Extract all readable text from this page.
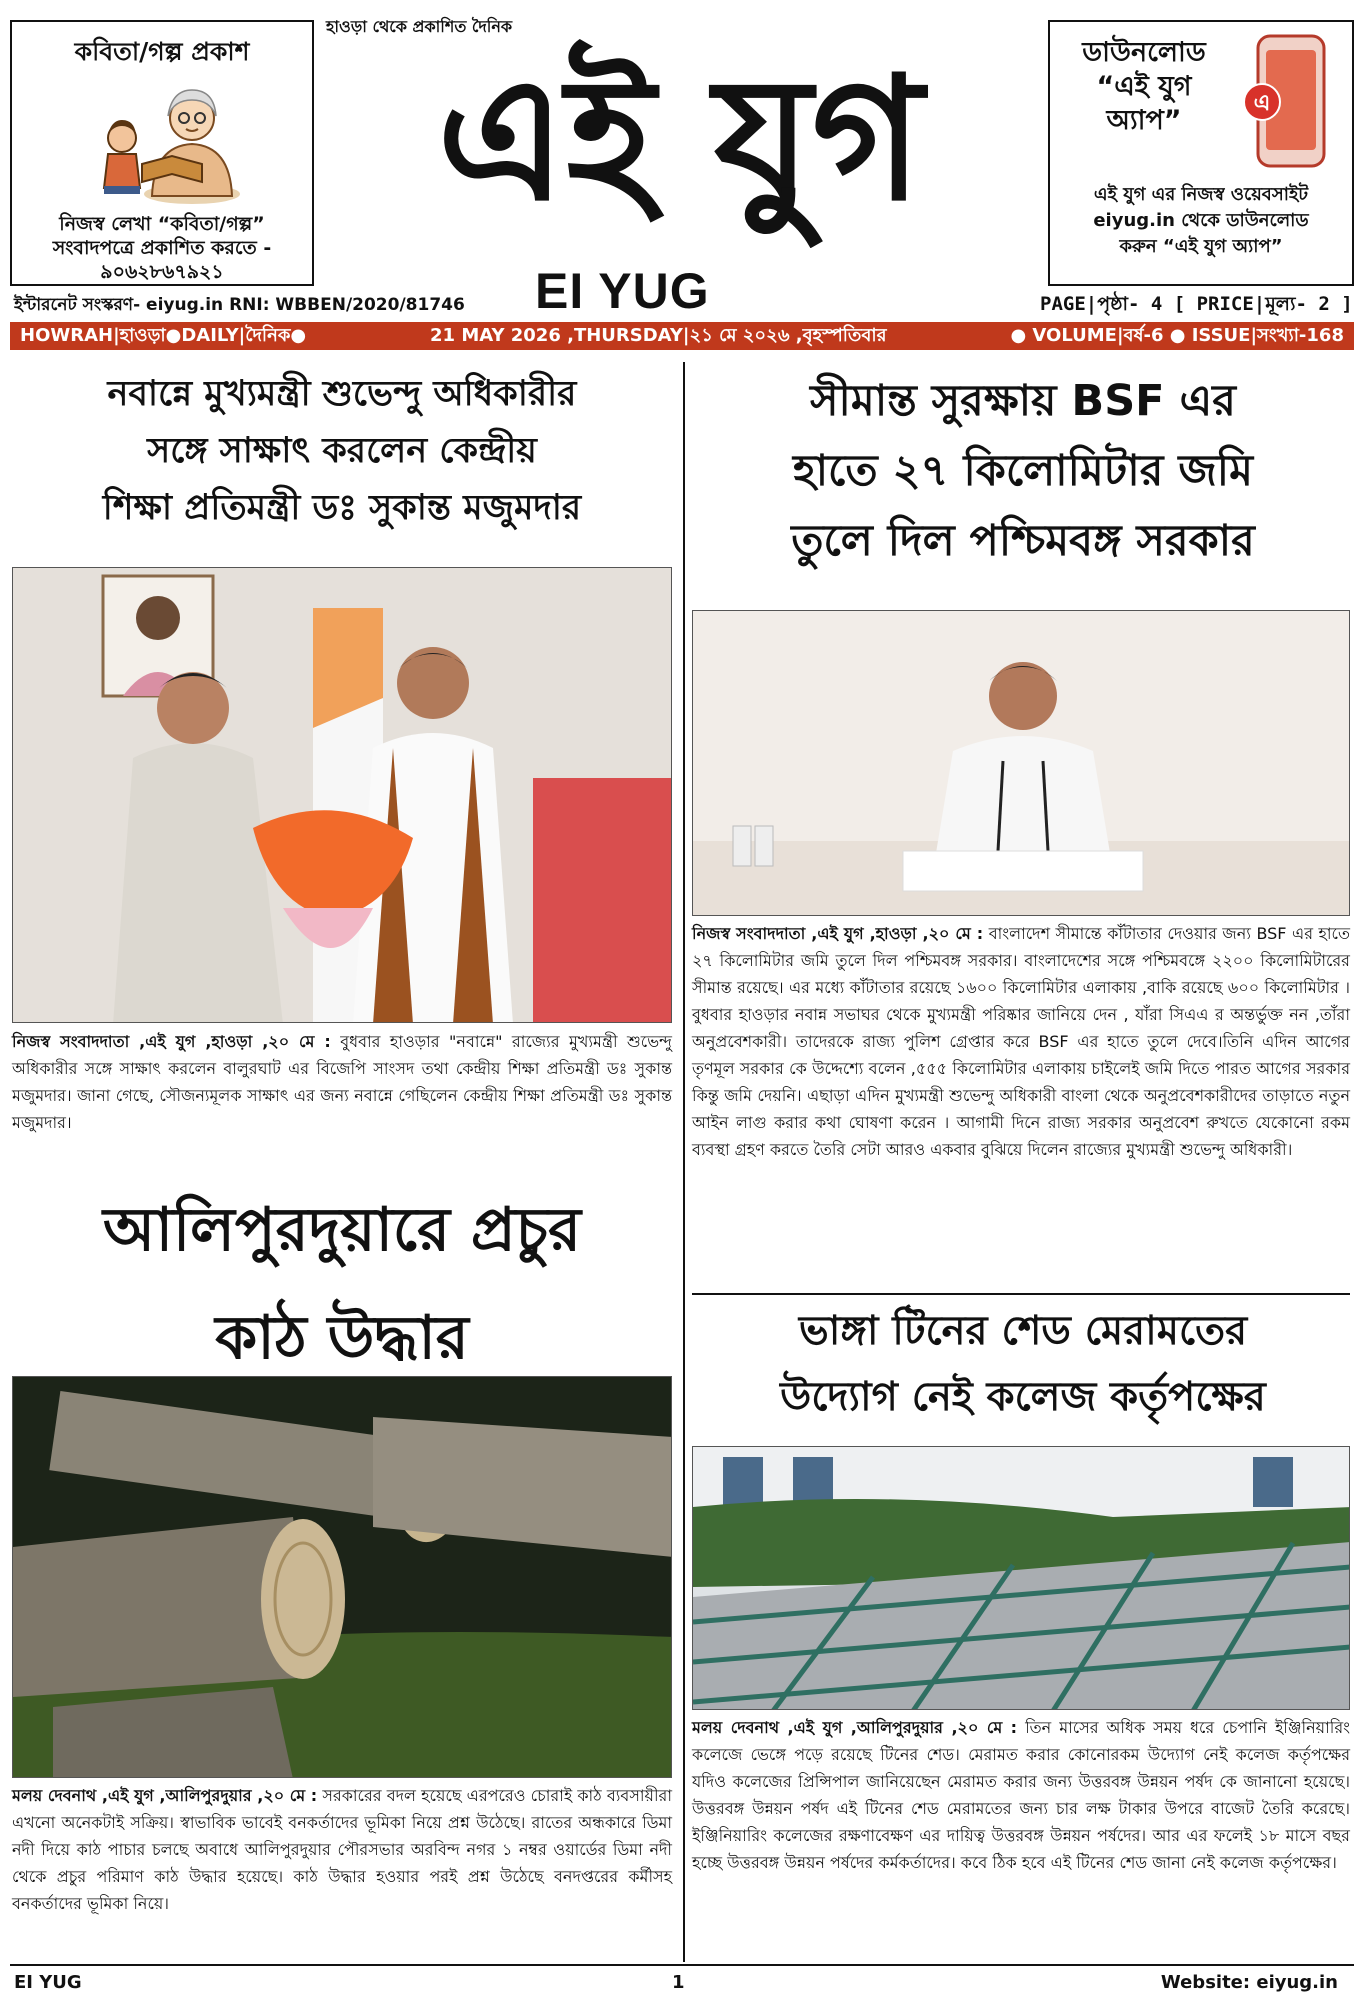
কবিতা/গল্প প্রকাশ
নিজস্ব লেখা “কবিতা/গল্প”
সংবাদপত্রে প্রকাশিত করতে -
৯০৬২৮৬৭৯২১
হাওড়া থেকে প্রকাশিত দৈনিক
এই যুগ
EI YUG
ইন্টারনেট সংস্করণ- eiyug.in RNI: WBBEN/2020/81746	PAGE|পৃষ্ঠা- 4 [ PRICE|মূল্য- 2 ]
ডাউনলোড
“এই যুগ
অ্যাপ”
এ
এই যুগ এর নিজস্ব ওয়েবসাইট
eiyug.in থেকে ডাউনলোড
করুন “এই যুগ অ্যাপ”
HOWRAH|হাওড়া●DAILY|দৈনিক●	21 MAY 2026 ,THURSDAY|২১ মে ২০২৬ ,বৃহস্পতিবার	● VOLUME|বর্ষ-6 ● ISSUE|সংখ্যা-168
নবান্নে মুখ্যমন্ত্রী শুভেন্দু অধিকারীর
সঙ্গে সাক্ষাৎ করলেন কেন্দ্রীয়
শিক্ষা প্রতিমন্ত্রী ডঃ সুকান্ত মজুমদার
নিজস্ব সংবাদদাতা ,এই যুগ ,হাওড়া ,২০ মে : বুধবার হাওড়ার "নবান্নে" রাজ্যের মুখ্যমন্ত্রী শুভেন্দু অধিকারীর সঙ্গে সাক্ষাৎ করলেন বালুরঘাট এর বিজেপি সাংসদ তথা কেন্দ্রীয় শিক্ষা প্রতিমন্ত্রী ডঃ সুকান্ত মজুমদার। জানা গেছে, সৌজন্যমূলক সাক্ষাৎ এর জন্য নবান্নে গেছিলেন কেন্দ্রীয় শিক্ষা প্রতিমন্ত্রী ডঃ সুকান্ত মজুমদার।
সীমান্ত সুরক্ষায় BSF এর
হাতে ২৭ কিলোমিটার জমি
তুলে দিল পশ্চিমবঙ্গ সরকার
নিজস্ব সংবাদদাতা ,এই যুগ ,হাওড়া ,২০ মে : বাংলাদেশ সীমান্তে কাঁটাতার দেওয়ার জন্য BSF এর হাতে ২৭ কিলোমিটার জমি তুলে দিল পশ্চিমবঙ্গ সরকার। বাংলাদেশের সঙ্গে পশ্চিমবঙ্গে ২২০০ কিলোমিটারের সীমান্ত রয়েছে। এর মধ্যে কাঁটাতার রয়েছে ১৬০০ কিলোমিটার এলাকায় ,বাকি রয়েছে ৬০০ কিলোমিটার । বুধবার হাওড়ার নবান্ন সভাঘর থেকে মুখ্যমন্ত্রী পরিষ্কার জানিয়ে দেন , যাঁরা সিএএ র অন্তর্ভুক্ত নন ,তাঁরা অনুপ্রবেশকারী। তাদেরকে রাজ্য পুলিশ গ্রেপ্তার করে BSF এর হাতে তুলে দেবে।তিনি এদিন আগের তৃণমূল সরকার কে উদ্দেশ্যে বলেন ,৫৫৫ কিলোমিটার এলাকায় চাইলেই জমি দিতে পারত আগের সরকার কিন্তু জমি দেয়নি। এছাড়া এদিন মুখ্যমন্ত্রী শুভেন্দু অধিকারী বাংলা থেকে অনুপ্রবেশকারীদের তাড়াতে নতুন আইন লাগু করার কথা ঘোষণা করেন । আগামী দিনে রাজ্য সরকার অনুপ্রবেশ রুখতে যেকোনো রকম ব্যবস্থা গ্রহণ করতে তৈরি সেটা আরও একবার বুঝিয়ে দিলেন রাজ্যের মুখ্যমন্ত্রী শুভেন্দু অধিকারী।
আলিপুরদুয়ারে প্রচুর
কাঠ উদ্ধার
মলয় দেবনাথ ,এই যুগ ,আলিপুরদুয়ার ,২০ মে : সরকারের বদল হয়েছে এরপরেও চোরাই কাঠ ব্যবসায়ীরা এখনো অনেকটাই সক্রিয়। স্বাভাবিক ভাবেই বনকর্তাদের ভূমিকা নিয়ে প্রশ্ন উঠেছে। রাতের অন্ধকারে ডিমা নদী দিয়ে কাঠ পাচার চলছে অবাধে আলিপুরদুয়ার পৌরসভার অরবিন্দ নগর ১ নম্বর ওয়ার্ডের ডিমা নদী থেকে প্রচুর পরিমাণ কাঠ উদ্ধার হয়েছে। কাঠ উদ্ধার হওয়ার পরই প্রশ্ন উঠেছে বনদপ্তরের কর্মীসহ বনকর্তাদের ভূমিকা নিয়ে।
ভাঙ্গা টিনের শেড মেরামতের
উদ্যোগ নেই কলেজ কর্তৃপক্ষের
মলয় দেবনাথ ,এই যুগ ,আলিপুরদুয়ার ,২০ মে : তিন মাসের অধিক সময় ধরে চেপানি ইঞ্জিনিয়ারিং কলেজে ভেঙ্গে পড়ে রয়েছে টিনের শেড। মেরামত করার কোনোরকম উদ্যোগ নেই কলেজ কর্তৃপক্ষের যদিও কলেজের প্রিন্সিপাল জানিয়েছেন মেরামত করার জন্য উত্তরবঙ্গ উন্নয়ন পর্ষদ কে জানানো হয়েছে। উত্তরবঙ্গ উন্নয়ন পর্ষদ এই টিনের শেড মেরামতের জন্য চার লক্ষ টাকার উপরে বাজেট তৈরি করেছে। ইঞ্জিনিয়ারিং কলেজের রক্ষণাবেক্ষণ এর দায়িত্ব উত্তরবঙ্গ উন্নয়ন পর্ষদের। আর এর ফলেই ১৮ মাসে বছর হচ্ছে উত্তরবঙ্গ উন্নয়ন পর্ষদের কর্মকর্তাদের। কবে ঠিক হবে এই টিনের শেড জানা নেই কলেজ কর্তৃপক্ষের।
EI YUG	1	Website: eiyug.in
